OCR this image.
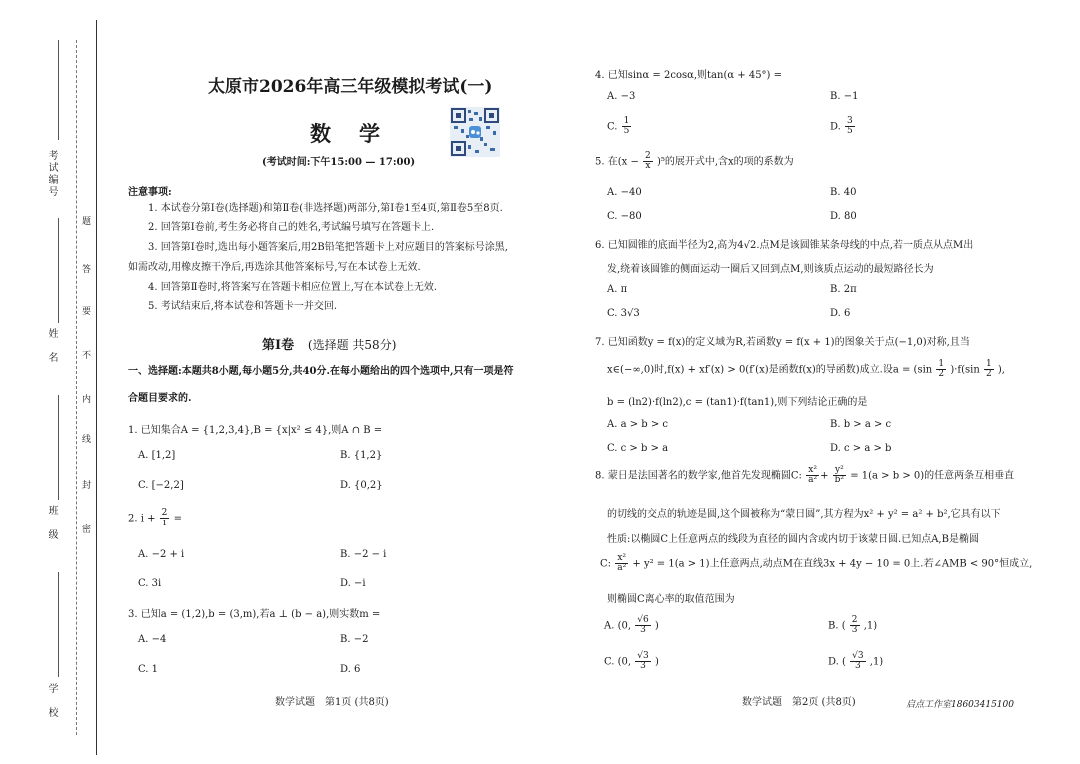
考试编号
姓　名
班　级
学　校
题
答
要
不
内
线
封
密
太原市2026年高三年级模拟考试(一)
数学
(考试时间:下午15:00 — 17:00)
注意事项:
1. 本试卷分第Ⅰ卷(选择题)和第Ⅱ卷(非选择题)两部分,第Ⅰ卷1至4页,第Ⅱ卷5至8页.
2. 回答第Ⅰ卷前,考生务必将自己的姓名,考试编号填写在答题卡上.
3. 回答第Ⅰ卷时,选出每小题答案后,用2B铅笔把答题卡上对应题目的答案标号涂黑,
如需改动,用橡皮擦干净后,再选涂其他答案标号,写在本试卷上无效.
4. 回答第Ⅱ卷时,将答案写在答题卡相应位置上,写在本试卷上无效.
5. 考试结束后,将本试卷和答题卡一并交回.
第Ⅰ卷 (选择题 共58分)
一、选择题:本题共8小题,每小题5分,共40分.在每小题给出的四个选项中,只有一项是符
合题目要求的.
1. 已知集合A = {1,2,3,4},B = {x|x² ≤ 4},则A ∩ B =
A. [1,2]	B. {1,2}
C. [−2,2]	D. {0,2}
2. $i + \frac{2}{i}$ =
A. −2 + i	B. −2 − i
C. 3i	D. −i
3. 已知a = (1,2),b = (3,m),若a ⊥ (b − a),则实数m =
A. −4	B. −2
C. 1	D. 6
数学试题　第1页 (共8页)
4. 已知sinα = 2cosα,则tan(α + 45°) =
A. −3	B. −1
C. $\frac{1}{5}$	D. $\frac{3}{5}$
5. 在$(x - \frac{2}{x} )^5$的展开式中,含x的项的系数为
A. −40	B. 40
C. −80	D. 80
6. 已知圆锥的底面半径为2,高为4√2.点M是该圆锥某条母线的中点,若一质点从点M出
发,绕着该圆锥的侧面运动一圈后又回到点M,则该质点运动的最短路径长为
A. π	B. 2π
C. 3√3	D. 6
7. 已知函数y = f(x)的定义域为R,若函数y = f(x + 1)的图象关于点(−1,0)对称,且当
x∈(−∞,0)时,f(x) + xf′(x) > 0(f′(x)是函数f(x)的导函数)成立.设$a = (\sin \frac{1}{2} )\cdot f(\sin \frac{1}{2}$ ),
b = (ln2)·f(ln2),c = (tan1)·f(tan1),则下列结论正确的是
A. a > b > c	B. b > a > c
C. c > b > a	D. c > a > b
8. 蒙日是法国著名的数学家,他首先发现椭圆C: $\frac{\text{x²}}{\text{a²}} + \frac{\text{y²}}{\text{b²}} = 1(a > b > 0)$的任意两条互相垂直
的切线的交点的轨迹是圆,这个圆被称为“蒙日圆”,其方程为x² + y² = a² + b²,它具有以下
性质:以椭圆C上任意两点的线段为直径的圆内含或内切于该蒙日圆.已知点A,B是椭圆
C: $\frac{\text{x²}}{\text{a²}} + y^2 = 1(a > 1)$上任意两点,动点M在直线3x + 4y − 10 = 0上.若∠AMB < 90°恒成立,
则椭圆C离心率的取值范围为
A. (0, $\frac{√6}{3}$ )	B. ( $\frac{2}{3} ,1$)
C. (0, $\frac{√3}{3}$ )	D. ( $\frac{√3}{3} ,1$)
数学试题　第2页 (共8页)	启点工作室18603415100
